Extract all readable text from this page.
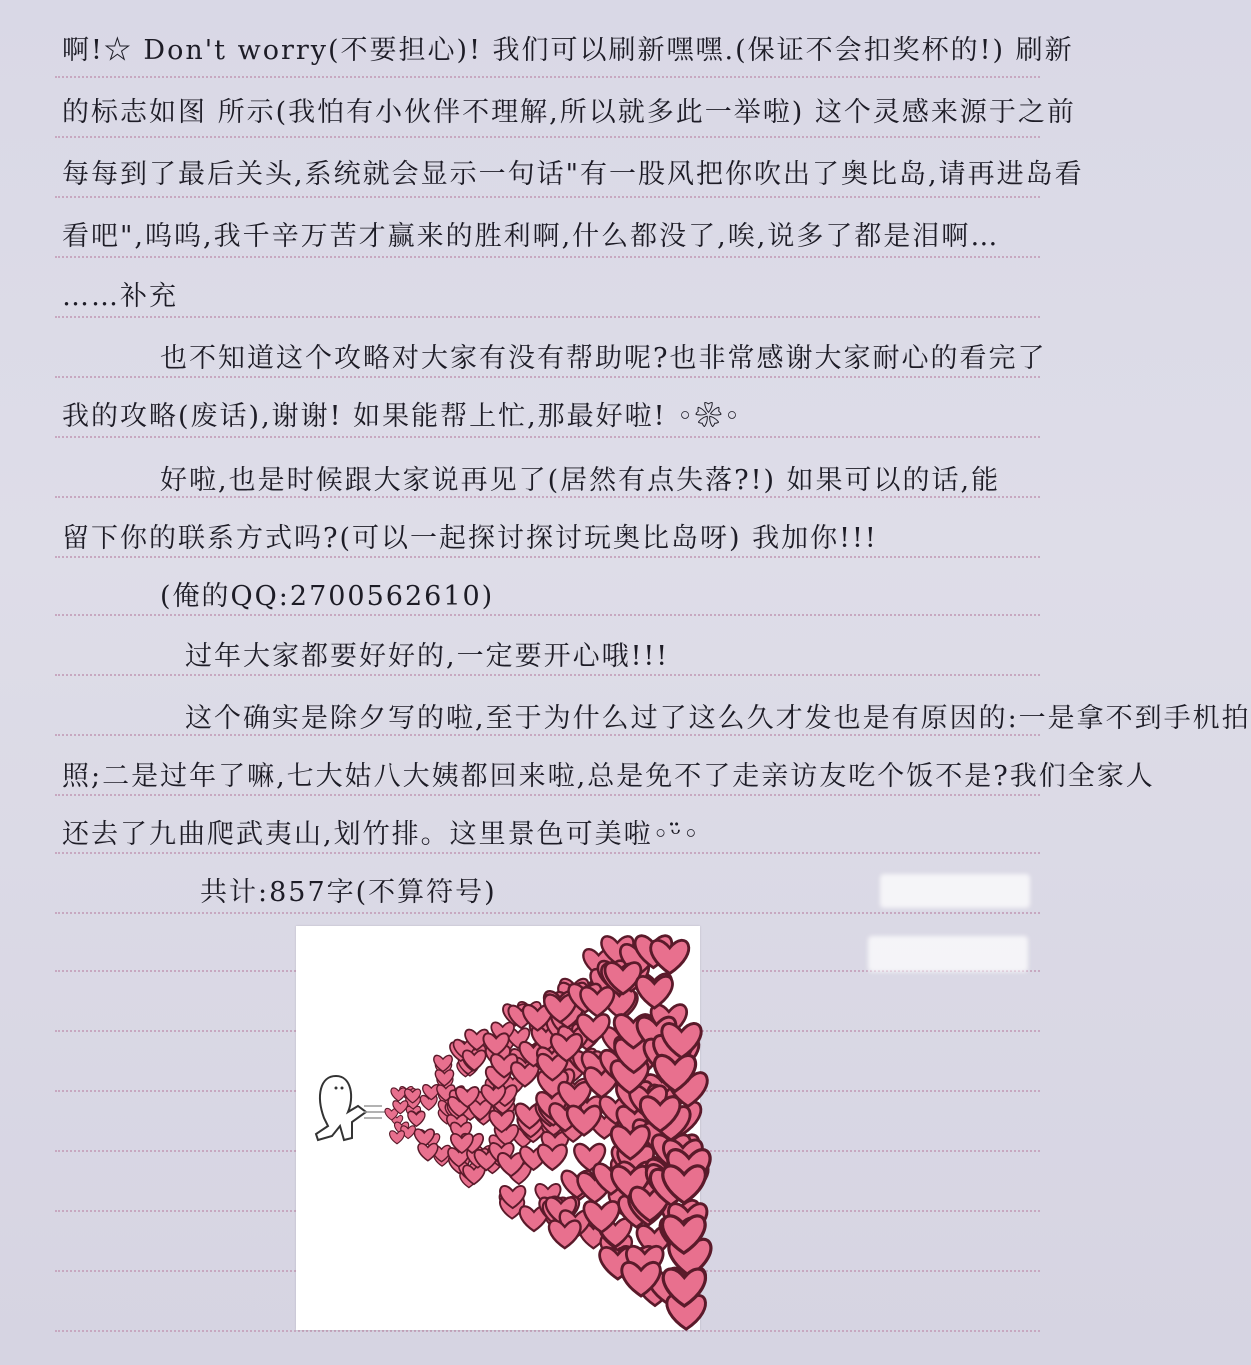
啊!☆ Don't worry(不要担心)! 我们可以刷新嘿嘿.(保证不会扣奖杯的!) 刷新
的标志如图 所示(我怕有小伙伴不理解,所以就多此一举啦) 这个灵感来源于之前
每每到了最后关头,系统就会显示一句话"有一股风把你吹出了奥比岛,请再进岛看
看吧",呜呜,我千辛万苦才赢来的胜利啊,什么都没了,唉,说多了都是泪啊…
……补充
也不知道这个攻略对大家有没有帮助呢?也非常感谢大家耐心的看完了
我的攻略(废话),谢谢! 如果能帮上忙,那最好啦! ◦❀◦
好啦,也是时候跟大家说再见了(居然有点失落?!) 如果可以的话,能
留下你的联系方式吗?(可以一起探讨探讨玩奥比岛呀) 我加你!!!
(俺的QQ:2700562610)
过年大家都要好好的,一定要开心哦!!!
这个确实是除夕写的啦,至于为什么过了这么久才发也是有原因的:一是拿不到手机拍
照;二是过年了嘛,七大姑八大姨都回来啦,总是免不了走亲访友吃个饭不是?我们全家人
还去了九曲爬武夷山,划竹排。这里景色可美啦◦ᵕ̈◦
共计:857字(不算符号)
